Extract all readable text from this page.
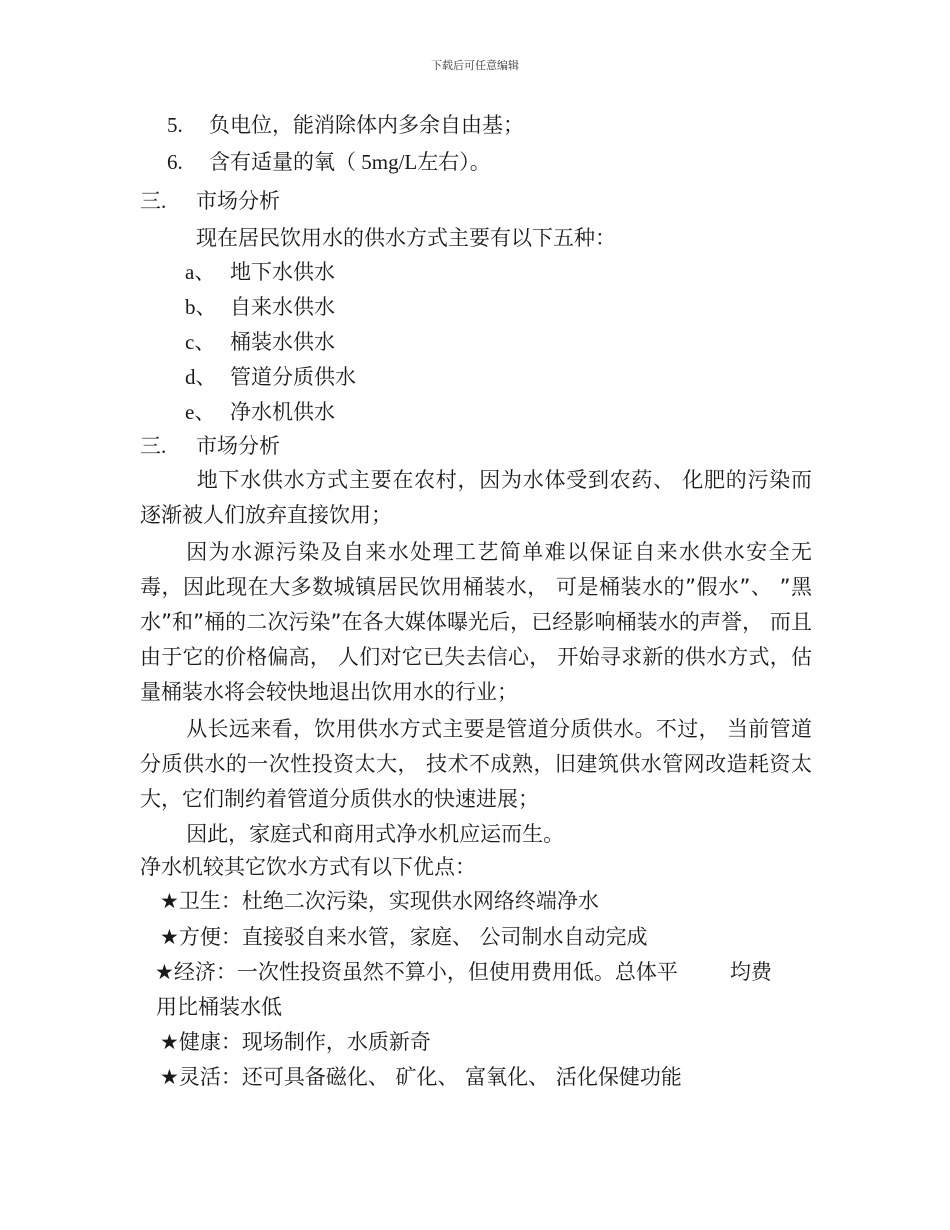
下载后可任意编辑
5. 负电位，能消除体内多余自由基；
6. 含有适量的氧（ 5mg/L左右）。
三. 市场分析
现在居民饮用水的供水方式主要有以下五种：
a、 地下水供水
b、 自来水供水
c、 桶装水供水
d、 管道分质供水
e、 净水机供水
三. 市场分析

地下水供水方式主要在农村，因为水体受到农药、 化肥的污染而逐渐被人们放弃直接饮用；

因为水源污染及自来水处理工艺简单难以保证自来水供水安全无毒，因此现在大多数城镇居民饮用桶装水， 可是桶装水的”假水”、 ”黑水”和”桶的二次污染”在各大媒体曝光后，已经影响桶装水的声誉， 而且由于它的价格偏高， 人们对它已失去信心， 开始寻求新的供水方式，估量桶装水将会较快地退出饮用水的行业；

从长远来看，饮用供水方式主要是管道分质供水。不过， 当前管道分质供水的一次性投资太大， 技术不成熟，旧建筑供水管网改造耗资太大，它们制约着管道分质供水的快速进展；

因此，家庭式和商用式净水机应运而生。

净水机较其它饮水方式有以下优点：
★卫生：杜绝二次污染，实现供水网络终端净水
★方便：直接驳自来水管，家庭、 公司制水自动完成
★经济：一次性投资虽然不算小，但使用费用低。总体平 均费
用比桶装水低
★健康：现场制作，水质新奇
★灵活：还可具备磁化、 矿化、 富氧化、 活化保健功能
